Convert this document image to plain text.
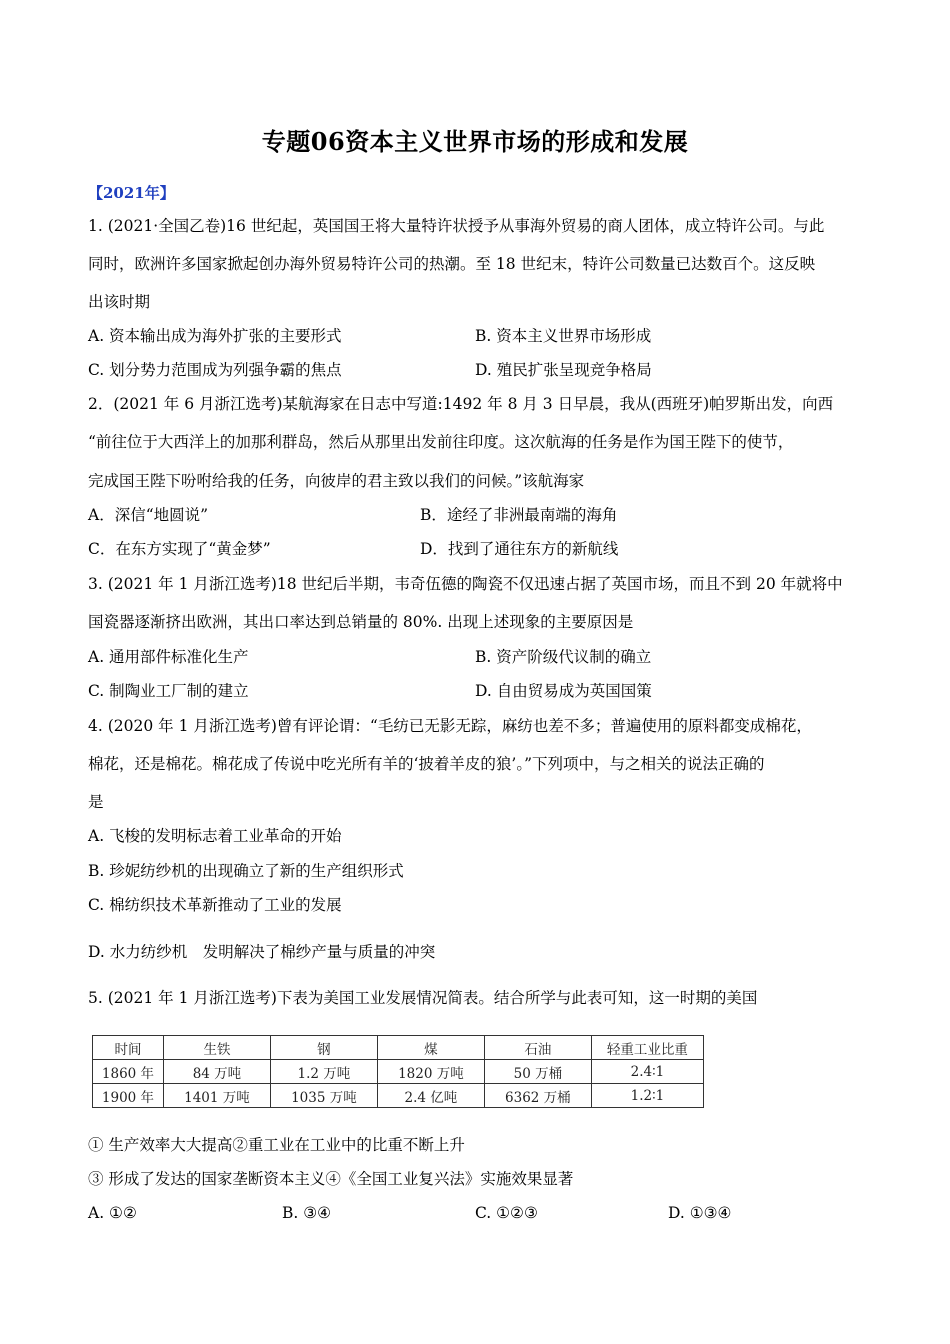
专题06资本主义世界市场的形成和发展
【2021年】
1. (2021·全国乙卷)16 世纪起，英国国王将大量特许状授予从事海外贸易的商人团体，成立特许公司。与此
同时，欧洲许多国家掀起创办海外贸易特许公司的热潮。至 18 世纪末，特许公司数量已达数百个。这反映
出该时期
A. 资本输出成为海外扩张的主要形式	B. 资本主义世界市场形成
C. 划分势力范围成为列强争霸的焦点	D. 殖民扩张呈现竞争格局
2．(2021 年 6 月浙江选考)某航海家在日志中写道:1492 年 8 月 3 日早晨，我从(西班牙)帕罗斯出发，向西
“前往位于大西洋上的加那利群岛，然后从那里出发前往印度。这次航海的任务是作为国王陛下的使节，
完成国王陛下吩咐给我的任务，向彼岸的君主致以我们的问候。”该航海家
A．深信“地圆说”	B．途经了非洲最南端的海角
C．在东方实现了“黄金梦”	D．找到了通往东方的新航线
3. (2021 年 1 月浙江选考)18 世纪后半期，韦奇伍德的陶瓷不仅迅速占据了英国市场，而且不到 20 年就将中
国瓷器逐渐挤出欧洲，其出口率达到总销量的 80%. 出现上述现象的主要原因是
A. 通用部件标准化生产	B. 资产阶级代议制的确立
C. 制陶业工厂制的建立	D. 自由贸易成为英国国策
4. (2020 年 1 月浙江选考)曾有评论谓：“毛纺已无影无踪，麻纺也差不多；普遍使用的原料都变成棉花，
棉花，还是棉花。棉花成了传说中吃光所有羊的‘披着羊皮的狼’。”下列项中，与之相关的说法正确的
是
A. 飞梭的发明标志着工业革命的开始
B. 珍妮纺纱机的出现确立了新的生产组织形式
C. 棉纺织技术革新推动了工业的发展
D. 水力纺纱机　发明解决了棉纱产量与质量的冲突
5. (2021 年 1 月浙江选考)下表为美国工业发展情况简表。结合所学与此表可知，这一时期的美国
时间	生铁	钢	煤	石油	轻重工业比重
1860 年	84 万吨	1.2 万吨	1820 万吨	50 万桶	2.4∶1
1900 年	1401 万吨	1035 万吨	2.4 亿吨	6362 万桶	1.2∶1
① 生产效率大大提高②重工业在工业中的比重不断上升
③ 形成了发达的国家垄断资本主义④《全国工业复兴法》实施效果显著
A. ①②	B. ③④	C. ①②③	D. ①③④
